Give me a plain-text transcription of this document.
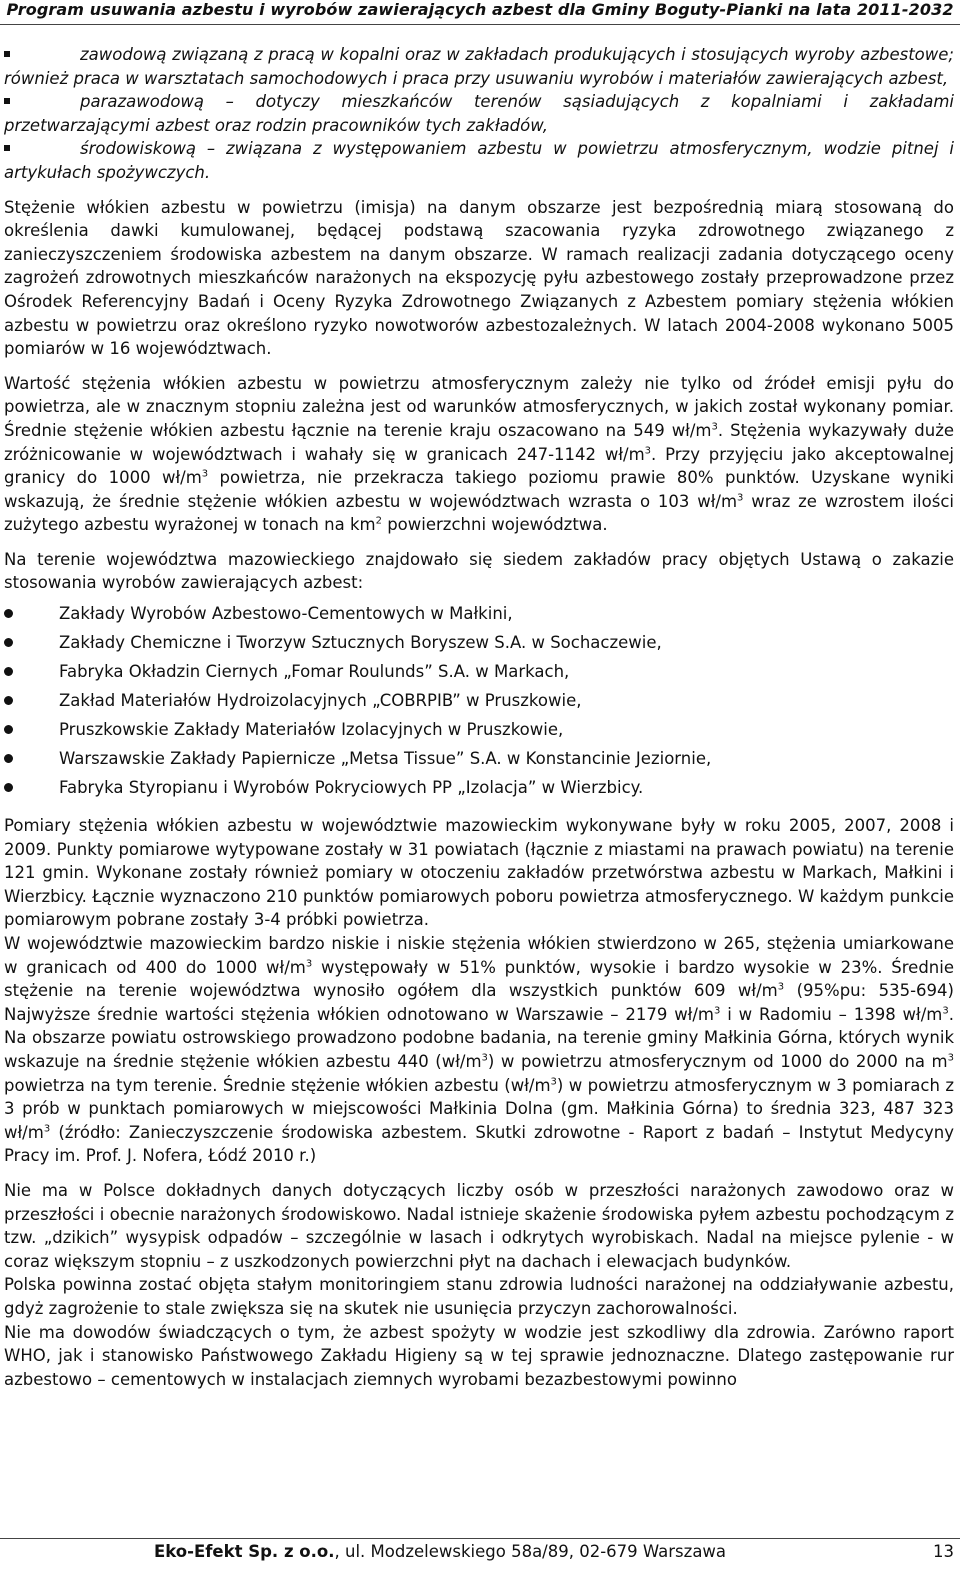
Program usuwania azbestu i wyrobów zawierających azbest dla Gminy Boguty-Pianki na lata 2011-2032
zawodową związaną z pracą w kopalni oraz w zakładach produkujących i stosujących wyroby azbestowe; również praca w warsztatach samochodowych i praca przy usuwaniu wyrobów i materiałów zawierających azbest,
parazawodową – dotyczy mieszkańców terenów sąsiadujących z kopalniami i zakładami przetwarzającymi azbest oraz rodzin pracowników tych zakładów,
środowiskową – związana z występowaniem azbestu w powietrzu atmosferycznym, wodzie pitnej i artykułach spożywczych.

Stężenie włókien azbestu w powietrzu (imisja) na danym obszarze jest bezpośrednią miarą stosowaną do określenia dawki kumulowanej, będącej podstawą szacowania ryzyka zdrowotnego związanego z zanieczyszczeniem środowiska azbestem na danym obszarze. W ramach realizacji zadania dotyczącego oceny zagrożeń zdrowotnych mieszkańców narażonych na ekspozycję pyłu azbestowego zostały przeprowadzone przez Ośrodek Referencyjny Badań i Oceny Ryzyka Zdrowotnego Związanych z Azbestem pomiary stężenia włókien azbestu w powietrzu oraz określono ryzyko nowotworów azbestozależnych. W latach 2004-2008 wykonano 5005 pomiarów w 16 województwach.

Wartość stężenia włókien azbestu w powietrzu atmosferycznym zależy nie tylko od źródeł emisji pyłu do powietrza, ale w znacznym stopniu zależna jest od warunków atmosferycznych, w jakich został wykonany pomiar. Średnie stężenie włókien azbestu łącznie na terenie kraju oszacowano na 549 $wł/m^3$. Stężenia wykazywały duże zróżnicowanie w województwach i wahały się w granicach 247-1142 $wł/m^3$. Przy przyjęciu jako akceptowalnej granicy do 1000 $wł/m^3$ powietrza, nie przekracza takiego poziomu prawie 80% punktów. Uzyskane wyniki wskazują, że średnie stężenie włókien azbestu w województwach wzrasta o 103 $wł/m^3$ wraz ze wzrostem ilości zużytego azbestu wyrażonej w tonach na $km^2$ powierzchni województwa.

Na terenie województwa mazowieckiego znajdowało się siedem zakładów pracy objętych Ustawą o zakazie stosowania wyrobów zawierających azbest:

Zakłady Wyrobów Azbestowo-Cementowych w Małkini,
Zakłady Chemiczne i Tworzyw Sztucznych Boryszew S.A. w Sochaczewie,
Fabryka Okładzin Ciernych „Fomar Roulunds” S.A. w Markach,
Zakład Materiałów Hydroizolacyjnych „COBRPIB” w Pruszkowie,
Pruszkowskie Zakłady Materiałów Izolacyjnych w Pruszkowie,
Warszawskie Zakłady Papiernicze „Metsa Tissue” S.A. w Konstancinie Jeziornie,
Fabryka Styropianu i Wyrobów Pokryciowych PP „Izolacja” w Wierzbicy.

Pomiary stężenia włókien azbestu w województwie mazowieckim wykonywane były w roku 2005, 2007, 2008 i 2009. Punkty pomiarowe wytypowane zostały w 31 powiatach (łącznie z miastami na prawach powiatu) na terenie 121 gmin. Wykonane zostały również pomiary w otoczeniu zakładów przetwórstwa azbestu w Markach, Małkini i Wierzbicy. Łącznie wyznaczono 210 punktów pomiarowych poboru powietrza atmosferycznego. W każdym punkcie pomiarowym pobrane zostały 3-4 próbki powietrza.

W województwie mazowieckim bardzo niskie i niskie stężenia włókien stwierdzono w 265, stężenia umiarkowane w granicach od 400 do 1000 $wł/m^3$ występowały w 51% punktów, wysokie i bardzo wysokie w 23%. Średnie stężenie na terenie województwa wynosiło ogółem dla wszystkich punktów 609 $wł/m^3$ (95%pu: 535-694) Najwyższe średnie wartości stężenia włókien odnotowano w Warszawie – 2179 $wł/m^3$ i w Radomiu – 1398 $wł/m^3$. Na obszarze powiatu ostrowskiego prowadzono podobne badania, na terenie gminy Małkinia Górna, których wynik wskazuje na średnie stężenie włókien azbestu 440 $(wł/m^3)$ w powietrzu atmosferycznym od 1000 do 2000 na $m^3$ powietrza na tym terenie. Średnie stężenie włókien azbestu $(wł/m^3)$ w powietrzu atmosferycznym w 3 pomiarach z 3 prób w punktach pomiarowych w miejscowości Małkinia Dolna (gm. Małkinia Górna) to średnia 323, 487 323 $wł/m^3$ (źródło: Zanieczyszczenie środowiska azbestem. Skutki zdrowotne - Raport z badań – Instytut Medycyny Pracy im. Prof. J. Nofera, Łódź 2010 r.)

Nie ma w Polsce dokładnych danych dotyczących liczby osób w przeszłości narażonych zawodowo oraz w przeszłości i obecnie narażonych środowiskowo. Nadal istnieje skażenie środowiska pyłem azbestu pochodzącym z tzw. „dzikich” wysypisk odpadów – szczególnie w lasach i odkrytych wyrobiskach. Nadal na miejsce pylenie - w coraz większym stopniu – z uszkodzonych powierzchni płyt na dachach i elewacjach budynków.

Polska powinna zostać objęta stałym monitoringiem stanu zdrowia ludności narażonej na oddziaływanie azbestu, gdyż zagrożenie to stale zwiększa się na skutek nie usunięcia przyczyn zachorowalności.

Nie ma dowodów świadczących o tym, że azbest spożyty w wodzie jest szkodliwy dla zdrowia. Zarówno raport WHO, jak i stanowisko Państwowego Zakładu Higieny są w tej sprawie jednoznaczne. Dlatego zastępowanie rur azbestowo – cementowych w instalacjach ziemnych wyrobami bezazbestowymi powinno

Eko-Efekt Sp. z o.o., ul. Modzelewskiego 58a/89, 02-679 Warszawa	13
